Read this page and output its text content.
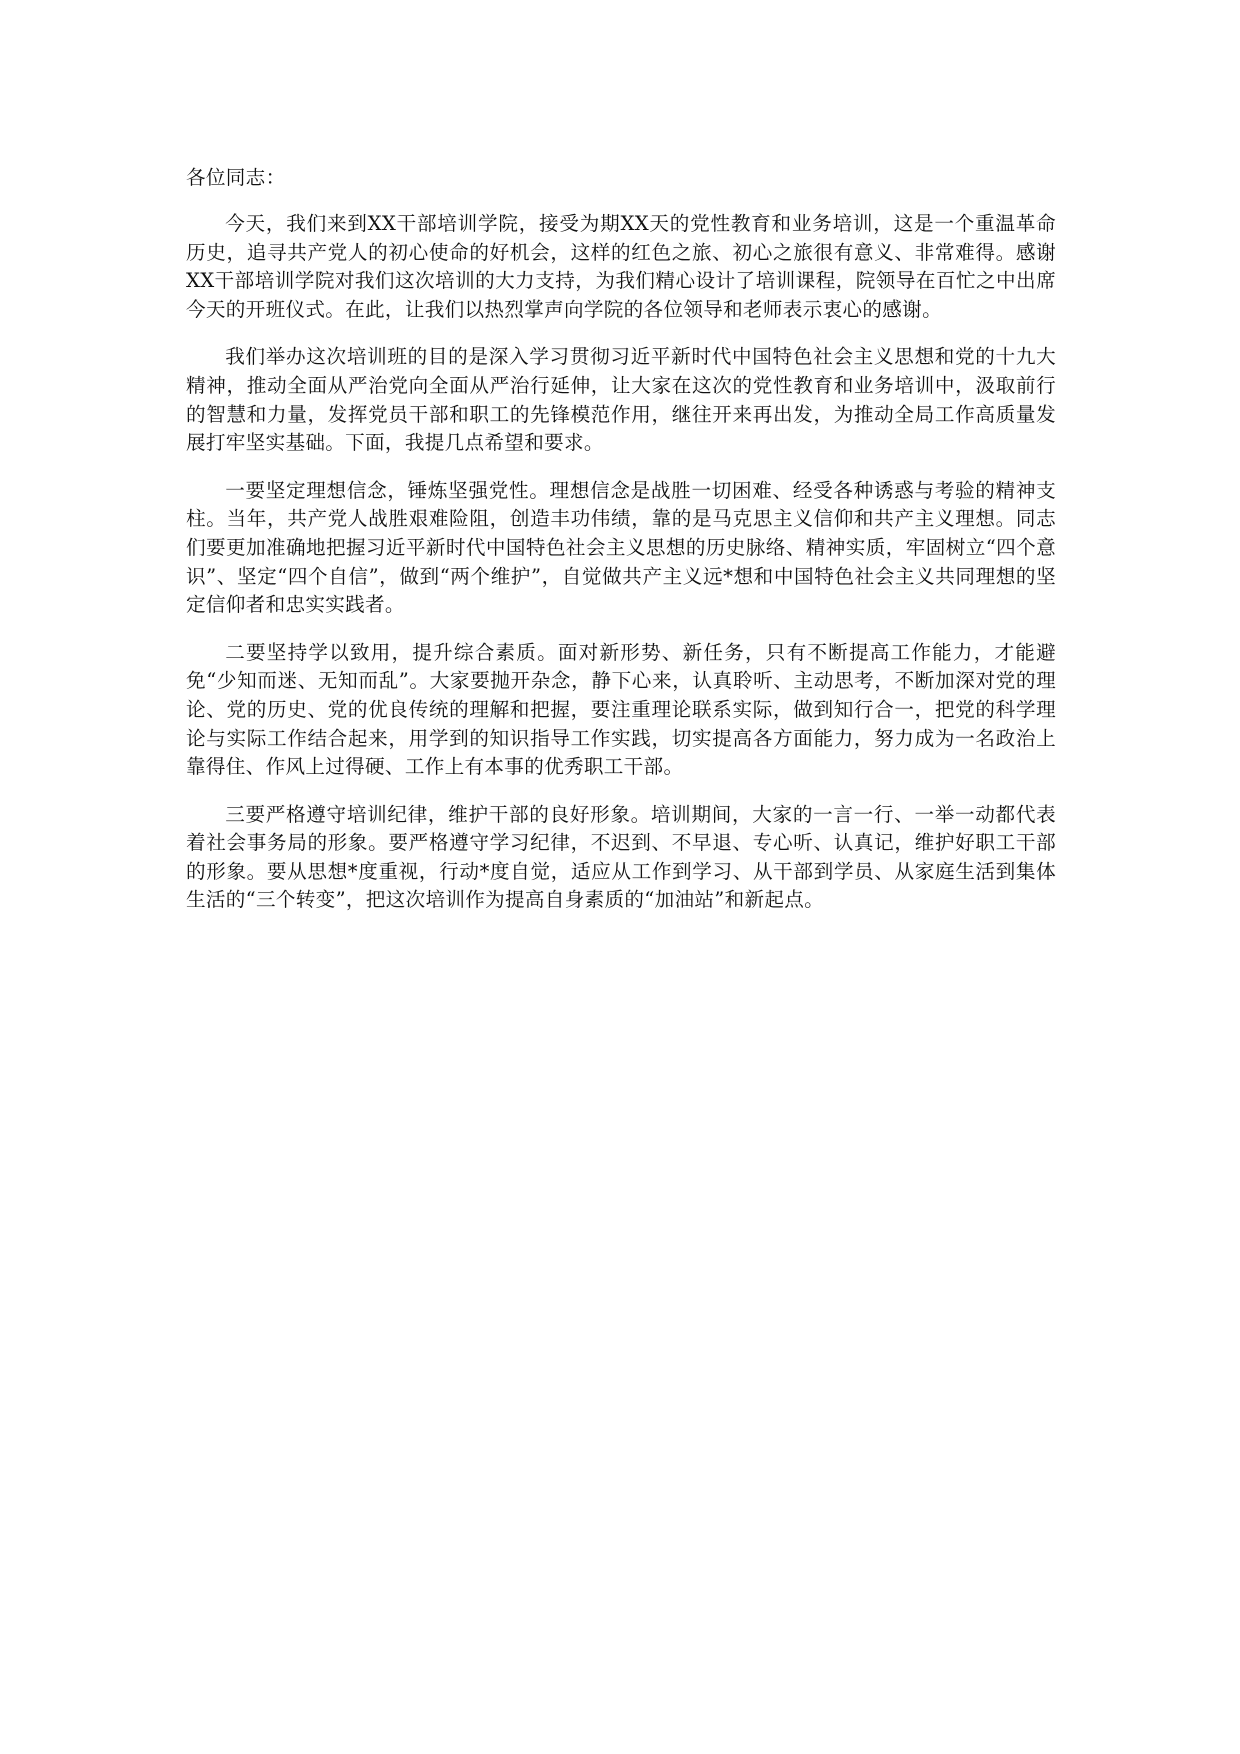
各位同志：

今天，我们来到XX干部培训学院，接受为期XX天的党性教育和业务培训，这是一个重温革命历史，追寻共产党人的初心使命的好机会，这样的红色之旅、初心之旅很有意义、非常难得。感谢XX干部培训学院对我们这次培训的大力支持，为我们精心设计了培训课程，院领导在百忙之中出席今天的开班仪式。在此，让我们以热烈掌声向学院的各位领导和老师表示衷心的感谢。

我们举办这次培训班的目的是深入学习贯彻习近平新时代中国特色社会主义思想和党的十九大精神，推动全面从严治党向全面从严治行延伸，让大家在这次的党性教育和业务培训中，汲取前行的智慧和力量，发挥党员干部和职工的先锋模范作用，继往开来再出发，为推动全局工作高质量发展打牢坚实基础。下面，我提几点希望和要求。

一要坚定理想信念，锤炼坚强党性。理想信念是战胜一切困难、经受各种诱惑与考验的精神支柱。当年，共产党人战胜艰难险阻，创造丰功伟绩，靠的是马克思主义信仰和共产主义理想。同志们要更加准确地把握习近平新时代中国特色社会主义思想的历史脉络、精神实质，牢固树立“四个意识”、坚定“四个自信”，做到“两个维护”，自觉做共产主义远*想和中国特色社会主义共同理想的坚定信仰者和忠实实践者。

二要坚持学以致用，提升综合素质。面对新形势、新任务，只有不断提高工作能力，才能避免“少知而迷、无知而乱”。大家要抛开杂念，静下心来，认真聆听、主动思考，不断加深对党的理论、党的历史、党的优良传统的理解和把握，要注重理论联系实际，做到知行合一，把党的科学理论与实际工作结合起来，用学到的知识指导工作实践，切实提高各方面能力，努力成为一名政治上靠得住、作风上过得硬、工作上有本事的优秀职工干部。

三要严格遵守培训纪律，维护干部的良好形象。培训期间，大家的一言一行、一举一动都代表着社会事务局的形象。要严格遵守学习纪律，不迟到、不早退、专心听、认真记，维护好职工干部的形象。要从思想*度重视，行动*度自觉，适应从工作到学习、从干部到学员、从家庭生活到集体生活的“三个转变”，把这次培训作为提高自身素质的“加油站”和新起点。
